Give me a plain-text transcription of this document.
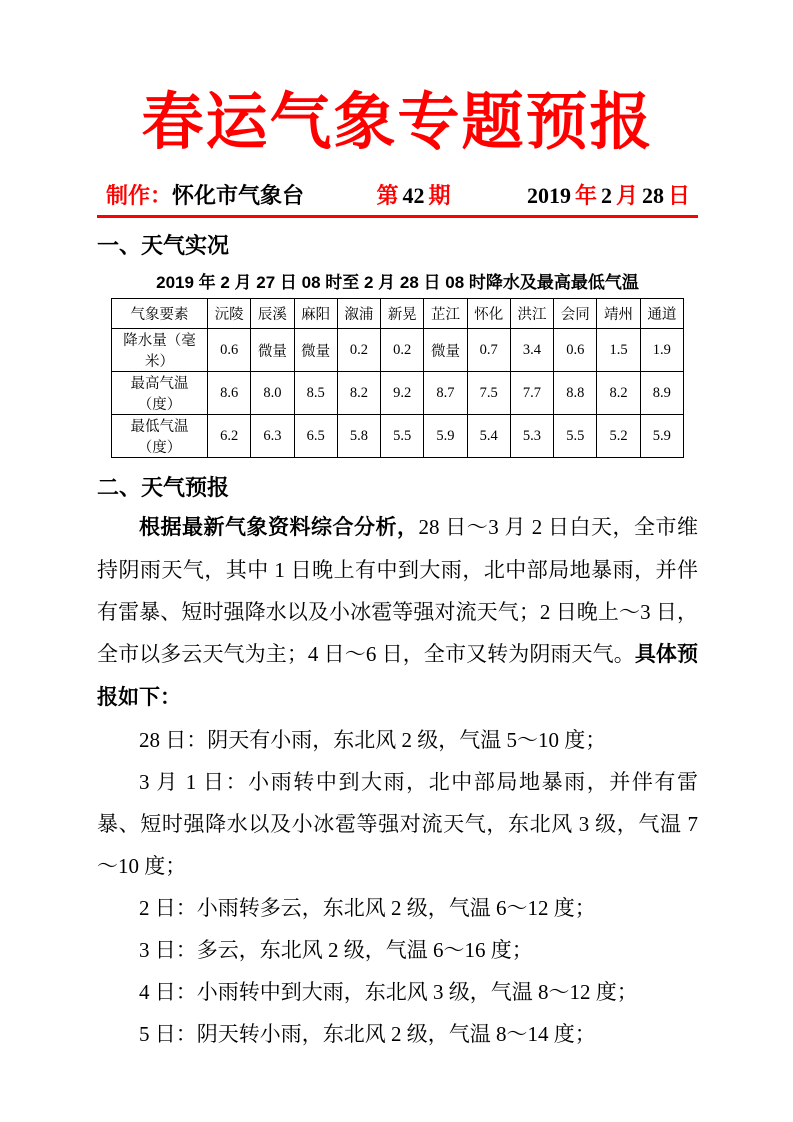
春运气象专题预报
制作：怀化市气象台	第 42 期	2019 年 2 月 28 日
一、天气实况
2019 年 2 月 27 日 08 时至 2 月 28 日 08 时降水及最高最低气温
气象要素	沅陵	辰溪	麻阳	溆浦	新晃	芷江	怀化	洪江	会同	靖州	通道
降水量（毫米）	0.6	微量	微量	0.2	0.2	微量	0.7	3.4	0.6	1.5	1.9
最高气温（度）	8.6	8.0	8.5	8.2	9.2	8.7	7.5	7.7	8.8	8.2	8.9
最低气温（度）	6.2	6.3	6.5	5.8	5.5	5.9	5.4	5.3	5.5	5.2	5.9
二、天气预报

根据最新气象资料综合分析，28 日～3 月 2 日白天，全市维持阴雨天气，其中 1 日晚上有中到大雨，北中部局地暴雨，并伴有雷暴、短时强降水以及小冰雹等强对流天气；2 日晚上～3 日，全市以多云天气为主；4 日～6 日，全市又转为阴雨天气。具体预报如下：

28 日：阴天有小雨，东北风 2 级，气温 5～10 度；

3 月 1 日：小雨转中到大雨，北中部局地暴雨，并伴有雷暴、短时强降水以及小冰雹等强对流天气，东北风 3 级，气温 7～10 度；

2 日：小雨转多云，东北风 2 级，气温 6～12 度；

3 日：多云，东北风 2 级，气温 6～16 度；

4 日：小雨转中到大雨，东北风 3 级，气温 8～12 度；

5 日：阴天转小雨，东北风 2 级，气温 8～14 度；
